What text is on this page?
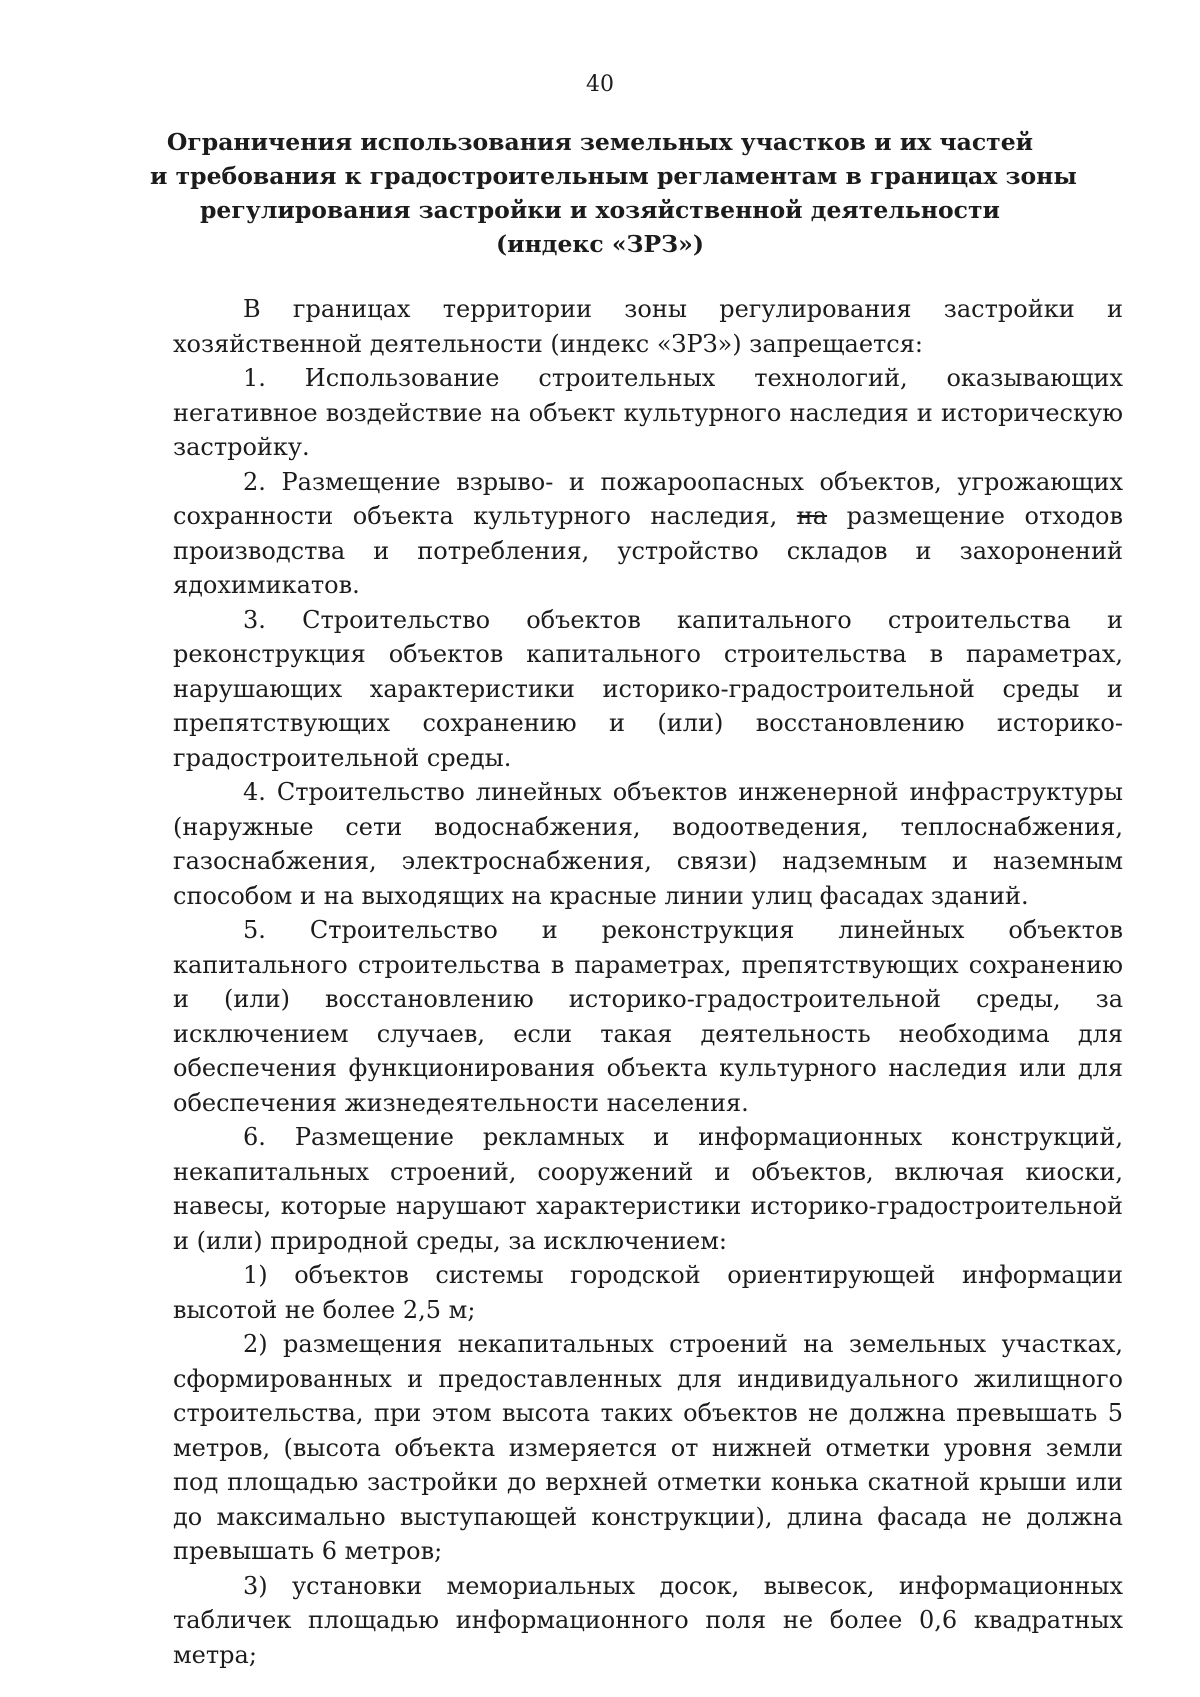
40
Ограничения использования земельных участков и их частей
и требования к градостроительным регламентам в границах зоны
регулирования застройки и хозяйственной деятельности
(индекс «ЗРЗ»)

В границах территории зоны регулирования застройки и хозяйственной деятельности (индекс «ЗРЗ») запрещается:

1. Использование строительных технологий, оказывающих негативное воздействие на объект культурного наследия и историческую застройку.

2. Размещение взрыво- и пожароопасных объектов, угрожающих сохранности объекта культурного наследия, на размещение отходов производства и потребления, устройство складов и захоронений ядохимикатов.

3. Строительство объектов капитального строительства и реконструкция объектов капитального строительства в параметрах, нарушающих характеристики историко-градостроительной среды и препятствующих сохранению и (или) восстановлению историко-градостроительной среды.

4. Строительство линейных объектов инженерной инфраструктуры (наружные сети водоснабжения, водоотведения, теплоснабжения, газоснабжения, электроснабжения, связи) надземным и наземным способом и на выходящих на красные линии улиц фасадах зданий.

5. Строительство и реконструкция линейных объектов капитального строительства в параметрах, препятствующих сохранению и (или) восстановлению историко-градостроительной среды, за исключением случаев, если такая деятельность необходима для обеспечения функционирования объекта культурного наследия или для обеспечения жизнедеятельности населения.

6. Размещение рекламных и информационных конструкций, некапитальных строений, сооружений и объектов, включая киоски, навесы, которые нарушают характеристики историко-градостроительной и (или) природной среды, за исключением:

1) объектов системы городской ориентирующей информации высотой не более 2,5 м;

2) размещения некапитальных строений на земельных участках, сформированных и предоставленных для индивидуального жилищного строительства, при этом высота таких объектов не должна превышать 5 метров, (высота объекта измеряется от нижней отметки уровня земли под площадью застройки до верхней отметки конька скатной крыши или до максимально выступающей конструкции), длина фасада не должна превышать 6 метров;

3) установки мемориальных досок, вывесок, информационных табличек площадью информационного поля не более 0,6 квадратных метра;
